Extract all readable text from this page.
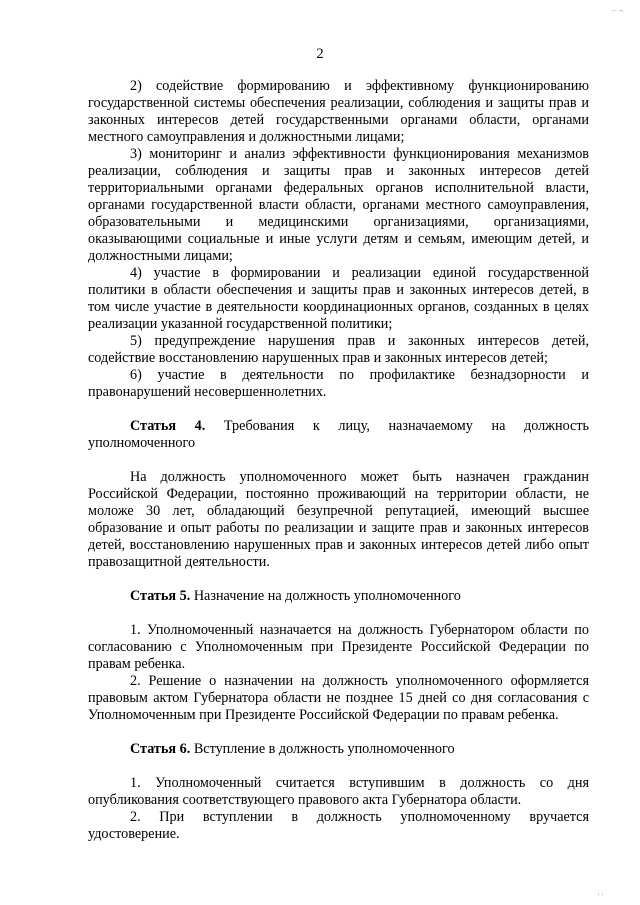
⌐ ¬
2

2) содействие формированию и эффективному функционированию государственной системы обеспечения реализации, соблюдения и защиты прав и законных интересов детей государственными органами области, органами местного самоуправления и должностными лицами;

3) мониторинг и анализ эффективности функционирования механизмов реализации, соблюдения и защиты прав и законных интересов детей территориальными органами федеральных органов исполнительной власти, органами государственной власти области, органами местного самоуправления, образовательными и медицинскими организациями, организациями, оказывающими социальные и иные услуги детям и семьям, имеющим детей, и должностными лицами;

4) участие в формировании и реализации единой государственной политики в области обеспечения и защиты прав и законных интересов детей, в том числе участие в деятельности координационных органов, созданных в целях реализации указанной государственной политики;

5) предупреждение нарушения прав и законных интересов детей, содействие восстановлению нарушенных прав и законных интересов детей;

6) участие в деятельности по профилактике безнадзорности и правонарушений несовершеннолетних.

Статья 4. Требования к лицу, назначаемому на должность уполномоченного

На должность уполномоченного может быть назначен гражданин Российской Федерации, постоянно проживающий на территории области, не моложе 30 лет, обладающий безупречной репутацией, имеющий высшее образование и опыт работы по реализации и защите прав и законных интересов детей, восстановлению нарушенных прав и законных интересов детей либо опыт правозащитной деятельности.

Статья 5. Назначение на должность уполномоченного

1. Уполномоченный назначается на должность Губернатором области по согласованию с Уполномоченным при Президенте Российской Федерации по правам ребенка.

2. Решение о назначении на должность уполномоченного оформляется правовым актом Губернатора области не позднее 15 дней со дня согласования с Уполномоченным при Президенте Российской Федерации по правам ребенка.

Статья 6. Вступление в должность уполномоченного

1. Уполномоченный считается вступившим в должность со дня опубликования соответствующего правового акта Губернатора области.

2. При вступлении в должность уполномоченному вручается удостоверение.

' '
